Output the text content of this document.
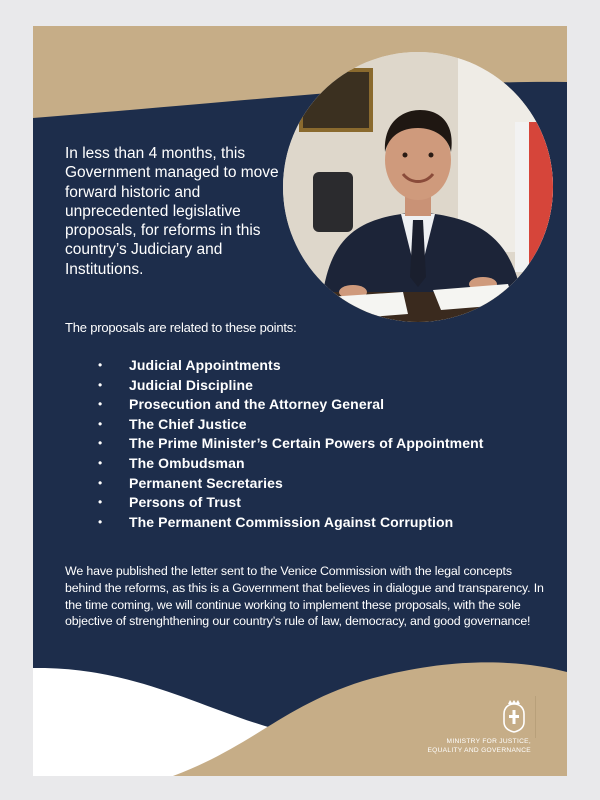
In less than 4 months, this Government managed to move forward historic and unprecedented legislative proposals, for reforms in this country’s Judiciary and Institutions.

The proposals are related to these points:

• Judicial Appointments
• Judicial Discipline
• Prosecution and the Attorney General
• The Chief Justice
• The Prime Minister’s Certain Powers of Appointment
• The Ombudsman
• Permanent Secretaries
• Persons of Trust
• The Permanent Commission Against Corruption

We have published the letter sent to the Venice Commission with the legal concepts behind the reforms, as this is a Government that believes in dialogue and transparency. In the time coming, we will continue working to implement these proposals, with the sole objective of strenghthening our country’s rule of law, democracy, and good governance!

MINISTRY FOR JUSTICE,
EQUALITY AND GOVERNANCE
